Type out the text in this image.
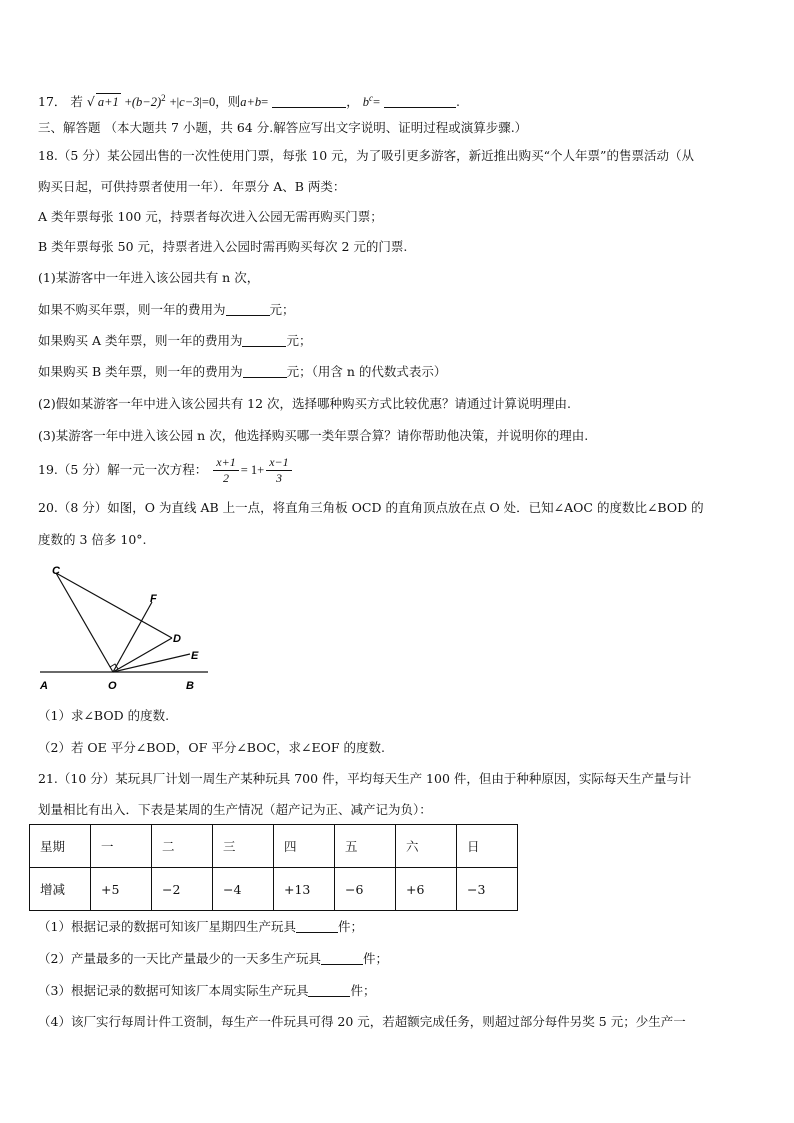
17． 若 √ $a+1 +(b-2)^2 +|c-3|=0$，则a+b=	， $b^c=$	.
三、解答题 （本大题共 7 小题，共 64 分.解答应写出文字说明、证明过程或演算步骤.）
18.（5 分）某公园出售的一次性使用门票，每张 10 元，为了吸引更多游客，新近推出购买“个人年票”的售票活动（从
购买日起，可供持票者使用一年）．年票分 A、B 两类：
A 类年票每张 100 元，持票者每次进入公园无需再购买门票；
B 类年票每张 50 元，持票者进入公园时需再购买每次 2 元的门票.
(1)某游客中一年进入该公园共有 n 次，
如果不购买年票，则一年的费用为	元；
如果购买 A 类年票，则一年的费用为	元；
如果购买 B 类年票，则一年的费用为	元；（用含 n 的代数式表示）
(2)假如某游客一年中进入该公园共有 12 次，选择哪种购买方式比较优惠？请通过计算说明理由.
(3)某游客一年中进入该公园 n 次，他选择购买哪一类年票合算？请你帮助他决策，并说明你的理由.
19.（5 分）解一元一次方程： $\frac{x+1}{2} = 1+ \frac{x-1}{3}$
20.（8 分）如图，O 为直线 AB 上一点，将直角三角板 OCD 的直角顶点放在点 O 处．已知∠AOC 的度数比∠BOD 的
度数的 3 倍多 10°.
C
F
D
E
A	O	B
（1）求∠BOD 的度数.
（2）若 OE 平分∠BOD，OF 平分∠BOC，求∠EOF 的度数.
21.（10 分）某玩具厂计划一周生产某种玩具 700 件，平均每天生产 100 件，但由于种种原因，实际每天生产量与计
划量相比有出入．下表是某周的生产情况（超产记为正、减产记为负）：
星期	一	二	三	四	五	六	日
增减	+5	−2	−4	+13	−6	+6	−3
（1）根据记录的数据可知该厂星期四生产玩具	件；
（2）产量最多的一天比产量最少的一天多生产玩具	件；
（3）根据记录的数据可知该厂本周实际生产玩具	件；
（4）该厂实行每周计件工资制，每生产一件玩具可得 20 元，若超额完成任务，则超过部分每件另奖 5 元；少生产一
